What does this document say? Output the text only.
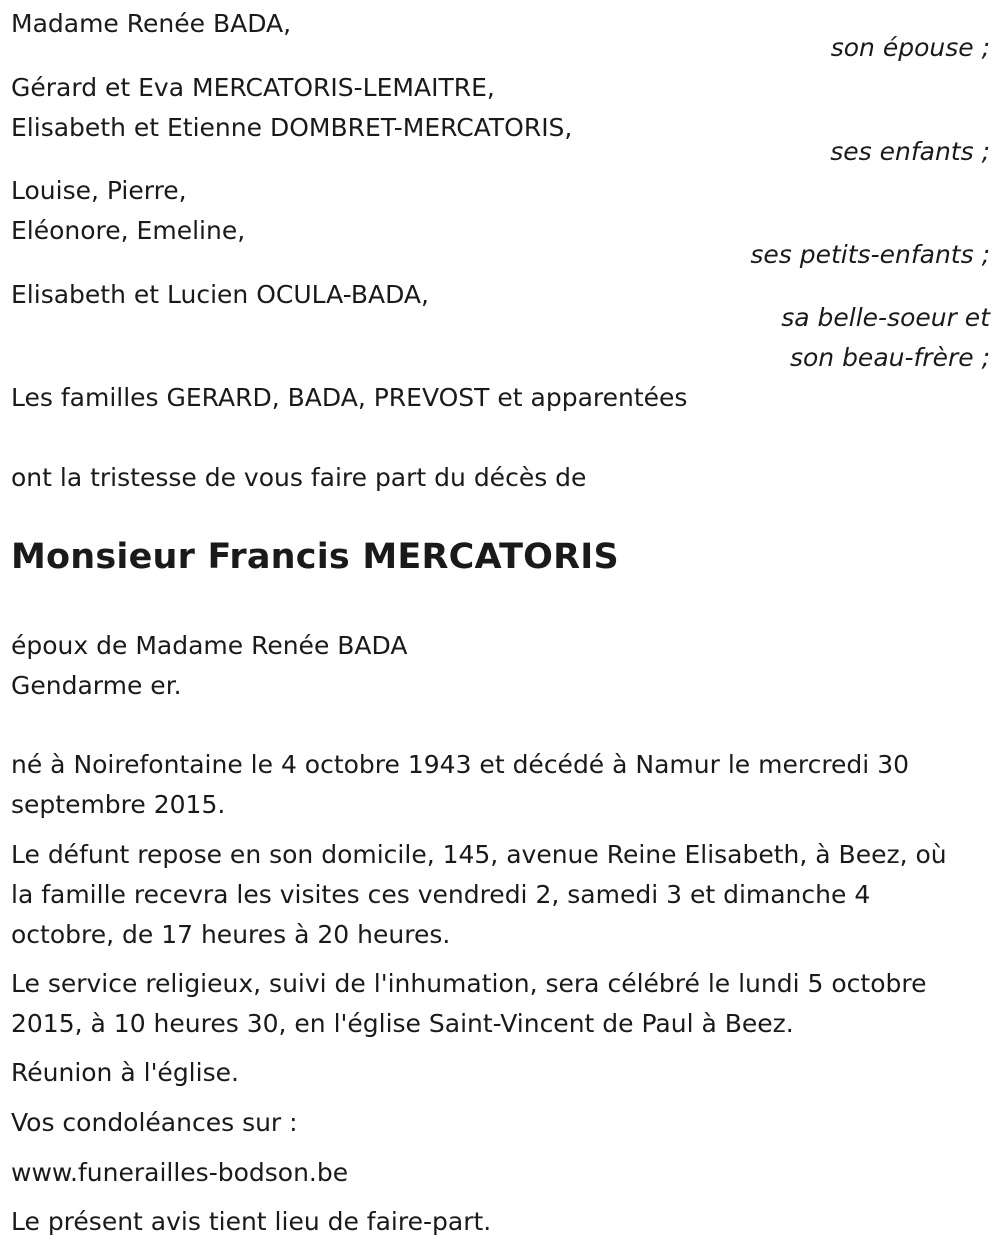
Madame Renée BADA,
son épouse ;
Gérard et Eva MERCATORIS-LEMAITRE,
Elisabeth et Etienne DOMBRET-MERCATORIS,
ses enfants ;
Louise, Pierre,
Eléonore, Emeline,
ses petits-enfants ;
Elisabeth et Lucien OCULA-BADA,
sa belle-soeur et
son beau-frère ;
Les familles GERARD, BADA, PREVOST et apparentées
ont la tristesse de vous faire part du décès de
Monsieur Francis MERCATORIS
époux de Madame Renée BADA
Gendarme er.
né à Noirefontaine le 4 octobre 1943 et décédé à Namur le mercredi 30
septembre 2015.
Le défunt repose en son domicile, 145, avenue Reine Elisabeth, à Beez, où
la famille recevra les visites ces vendredi 2, samedi 3 et dimanche 4
octobre, de 17 heures à 20 heures.
Le service religieux, suivi de l'inhumation, sera célébré le lundi 5 octobre
2015, à 10 heures 30, en l'église Saint-Vincent de Paul à Beez.
Réunion à l'église.
Vos condoléances sur :
www.funerailles-bodson.be
Le présent avis tient lieu de faire-part.
